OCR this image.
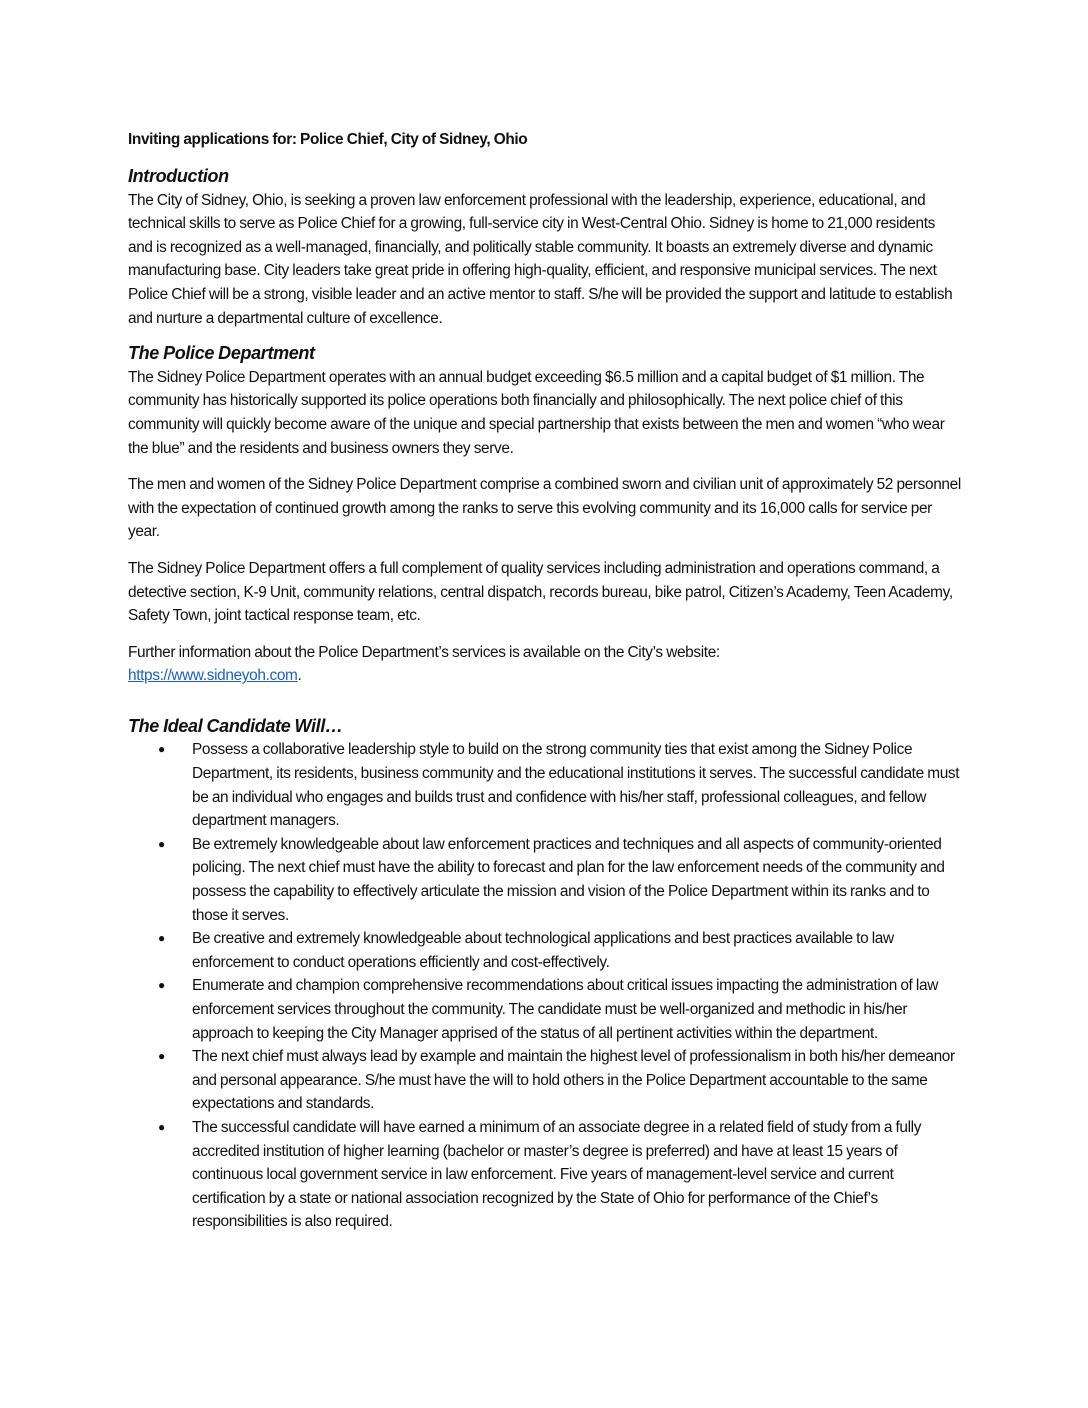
Inviting applications for: Police Chief, City of Sidney, Ohio
Introduction

The City of Sidney, Ohio, is seeking a proven law enforcement professional with the leadership, experience, educational, and technical skills to serve as Police Chief for a growing, full-service city in West-Central Ohio. Sidney is home to 21,000 residents and is recognized as a well-managed, financially, and politically stable community. It boasts an extremely diverse and dynamic manufacturing base. City leaders take great pride in offering high-quality, efficient, and responsive municipal services. The next Police Chief will be a strong, visible leader and an active mentor to staff. S/he will be provided the support and latitude to establish and nurture a departmental culture of excellence.

The Police Department

The Sidney Police Department operates with an annual budget exceeding $6.5 million and a capital budget of $1 million. The community has historically supported its police operations both financially and philosophically. The next police chief of this community will quickly become aware of the unique and special partnership that exists between the men and women “who wear the blue” and the residents and business owners they serve.

The men and women of the Sidney Police Department comprise a combined sworn and civilian unit of approximately 52 personnel with the expectation of continued growth among the ranks to serve this evolving community and its 16,000 calls for service per year.

The Sidney Police Department offers a full complement of quality services including administration and operations command, a detective section, K-9 Unit, community relations, central dispatch, records bureau, bike patrol, Citizen’s Academy, Teen Academy, Safety Town, joint tactical response team, etc.

Further information about the Police Department’s services is available on the City’s website:
https://www.sidneyoh.com.

The Ideal Candidate Will…
● Possess a collaborative leadership style to build on the strong community ties that exist among the Sidney Police Department, its residents, business community and the educational institutions it serves. The successful candidate must be an individual who engages and builds trust and confidence with his/her staff, professional colleagues, and fellow department managers.
● Be extremely knowledgeable about law enforcement practices and techniques and all aspects of community-oriented policing. The next chief must have the ability to forecast and plan for the law enforcement needs of the community and possess the capability to effectively articulate the mission and vision of the Police Department within its ranks and to those it serves.
● Be creative and extremely knowledgeable about technological applications and best practices available to law enforcement to conduct operations efficiently and cost-effectively.
● Enumerate and champion comprehensive recommendations about critical issues impacting the administration of law enforcement services throughout the community. The candidate must be well-organized and methodic in his/her approach to keeping the City Manager apprised of the status of all pertinent activities within the department.
● The next chief must always lead by example and maintain the highest level of professionalism in both his/her demeanor and personal appearance. S/he must have the will to hold others in the Police Department accountable to the same expectations and standards.
● The successful candidate will have earned a minimum of an associate degree in a related field of study from a fully accredited institution of higher learning (bachelor or master’s degree is preferred) and have at least 15 years of continuous local government service in law enforcement. Five years of management-level service and current certification by a state or national association recognized by the State of Ohio for performance of the Chief’s responsibilities is also required.
